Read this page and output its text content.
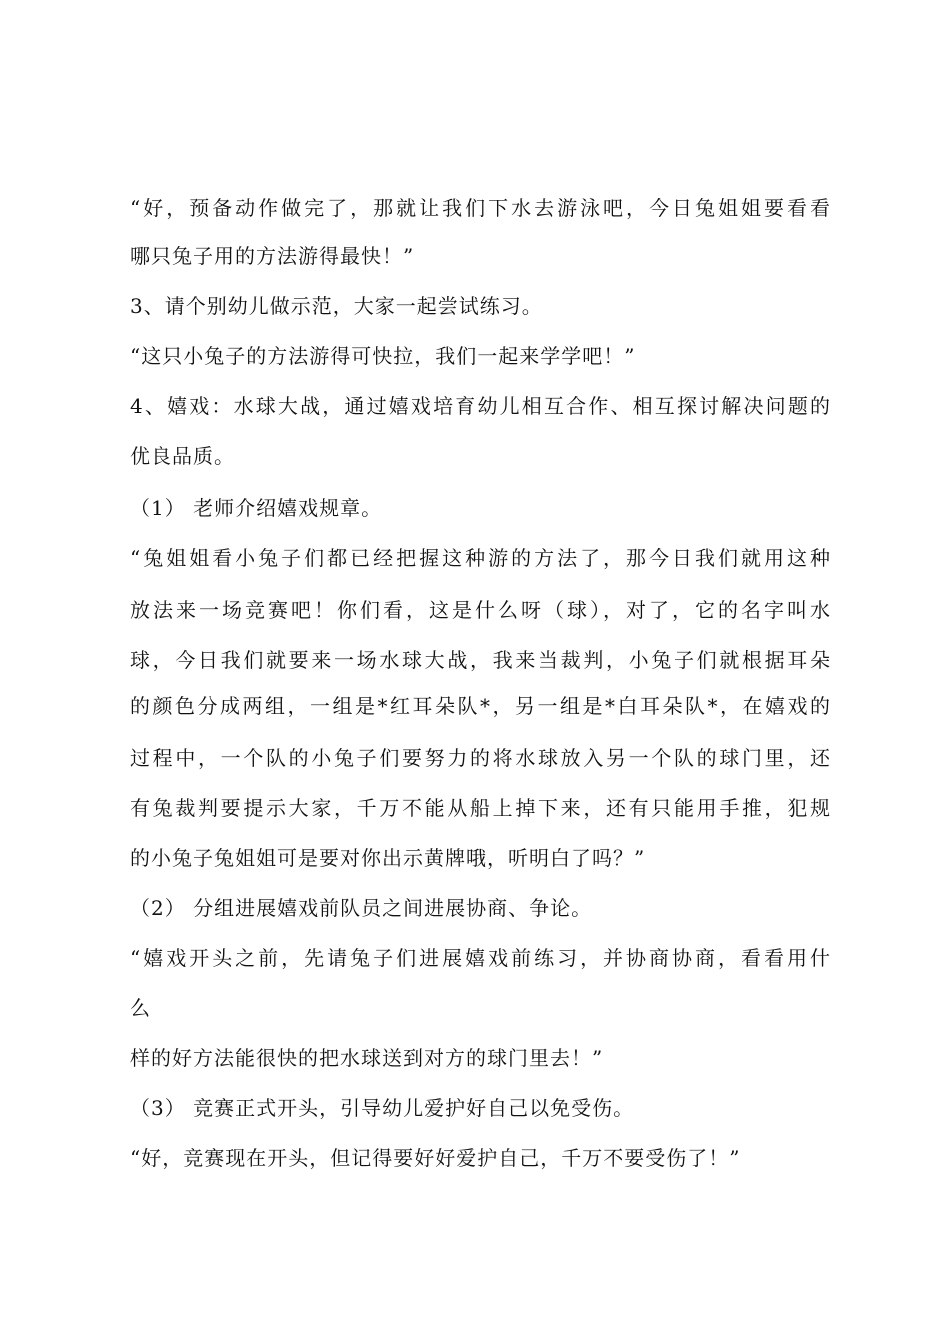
“好，预备动作做完了，那就让我们下水去游泳吧，今日兔姐姐要看看
哪只兔子用的方法游得最快！”
3、请个别幼儿做示范，大家一起尝试练习。
“这只小兔子的方法游得可快拉，我们一起来学学吧！”
4、嬉戏：水球大战，通过嬉戏培育幼儿相互合作、相互探讨解决问题的
优良品质。
（1） 老师介绍嬉戏规章。
“兔姐姐看小兔子们都已经把握这种游的方法了，那今日我们就用这种
放法来一场竞赛吧！你们看，这是什么呀（球），对了，它的名字叫水
球，今日我们就要来一场水球大战，我来当裁判，小兔子们就根据耳朵
的颜色分成两组，一组是*红耳朵队*，另一组是*白耳朵队*，在嬉戏的
过程中，一个队的小兔子们要努力的将水球放入另一个队的球门里，还
有兔裁判要提示大家，千万不能从船上掉下来，还有只能用手推，犯规
的小兔子兔姐姐可是要对你出示黄牌哦，听明白了吗？”
（2） 分组进展嬉戏前队员之间进展协商、争论。
“嬉戏开头之前，先请兔子们进展嬉戏前练习，并协商协商，看看用什
么
样的好方法能很快的把水球送到对方的球门里去！”
（3） 竞赛正式开头，引导幼儿爱护好自己以免受伤。
“好，竞赛现在开头，但记得要好好爱护自己，千万不要受伤了！”
